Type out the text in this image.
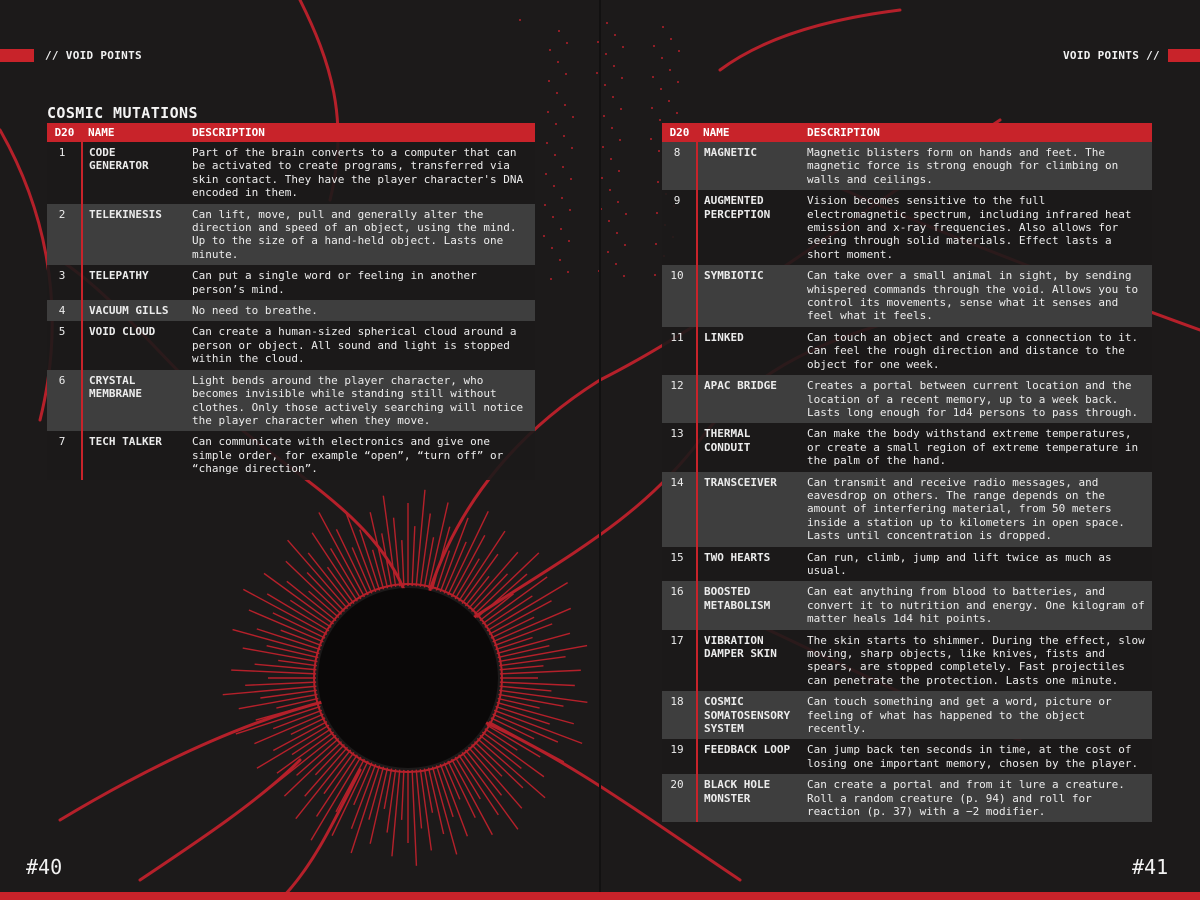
// VOID POINTS	VOID POINTS //
COSMIC MUTATIONS
D20	NAME	DESCRIPTION
1	CODE GENERATOR	Part of the brain converts to a computer that can be activated to create programs, transferred via skin contact. They have the player character's DNA encoded in them.
2	TELEKINESIS	Can lift, move, pull and generally alter the direction and speed of an object, using the mind. Up to the size of a hand-held object. Lasts one minute.
3	TELEPATHY	Can put a single word or feeling in another person’s mind.
4	VACUUM GILLS	No need to breathe.
5	VOID CLOUD	Can create a human-sized spherical cloud around a person or object. All sound and light is stopped within the cloud.
6	CRYSTAL MEMBRANE	Light bends around the player character, who becomes invisible while standing still without clothes. Only those actively searching will notice the player character when they move.
7	TECH TALKER	Can communicate with electronics and give one simple order, for example “open”, “turn off” or “change direction”.
D20	NAME	DESCRIPTION
8	MAGNETIC	Magnetic blisters form on hands and feet. The magnetic force is strong enough for climbing on walls and ceilings.
9	AUGMENTED PERCEPTION	Vision becomes sensitive to the full electromagnetic spectrum, including infrared heat emission and x-ray frequencies. Also allows for seeing through solid materials. Effect lasts a short moment.
10	SYMBIOTIC	Can take over a small animal in sight, by sending whispered commands through the void. Allows you to control its movements, sense what it senses and feel what it feels.
11	LINKED	Can touch an object and create a connection to it. Can feel the rough direction and distance to the object for one week.
12	APAC BRIDGE	Creates a portal between current location and the location of a recent memory, up to a week back. Lasts long enough for 1d4 persons to pass through.
13	THERMAL CONDUIT	Can make the body withstand extreme temperatures, or create a small region of extreme temperature in the palm of the hand.
14	TRANSCEIVER	Can transmit and receive radio messages, and eavesdrop on others. The range depends on the amount of interfering material, from 50 meters inside a station up to kilometers in open space. Lasts until concentration is dropped.
15	TWO HEARTS	Can run, climb, jump and lift twice as much as usual.
16	BOOSTED METABOLISM	Can eat anything from blood to batteries, and convert it to nutrition and energy. One kilogram of matter heals 1d4 hit points.
17	VIBRATION DAMPER SKIN	The skin starts to shimmer. During the effect, slow moving, sharp objects, like knives, fists and spears, are stopped completely. Fast projectiles can penetrate the protection. Lasts one minute.
18	COSMIC SOMATOSENSORY SYSTEM	Can touch something and get a word, picture or feeling of what has happened to the object recently.
19	FEEDBACK LOOP	Can jump back ten seconds in time, at the cost of losing one important memory, chosen by the player.
20	BLACK HOLE MONSTER	Can create a portal and from it lure a creature. Roll a random creature (p. 94) and roll for reaction (p. 37) with a −2 modifier.
#40	#41
